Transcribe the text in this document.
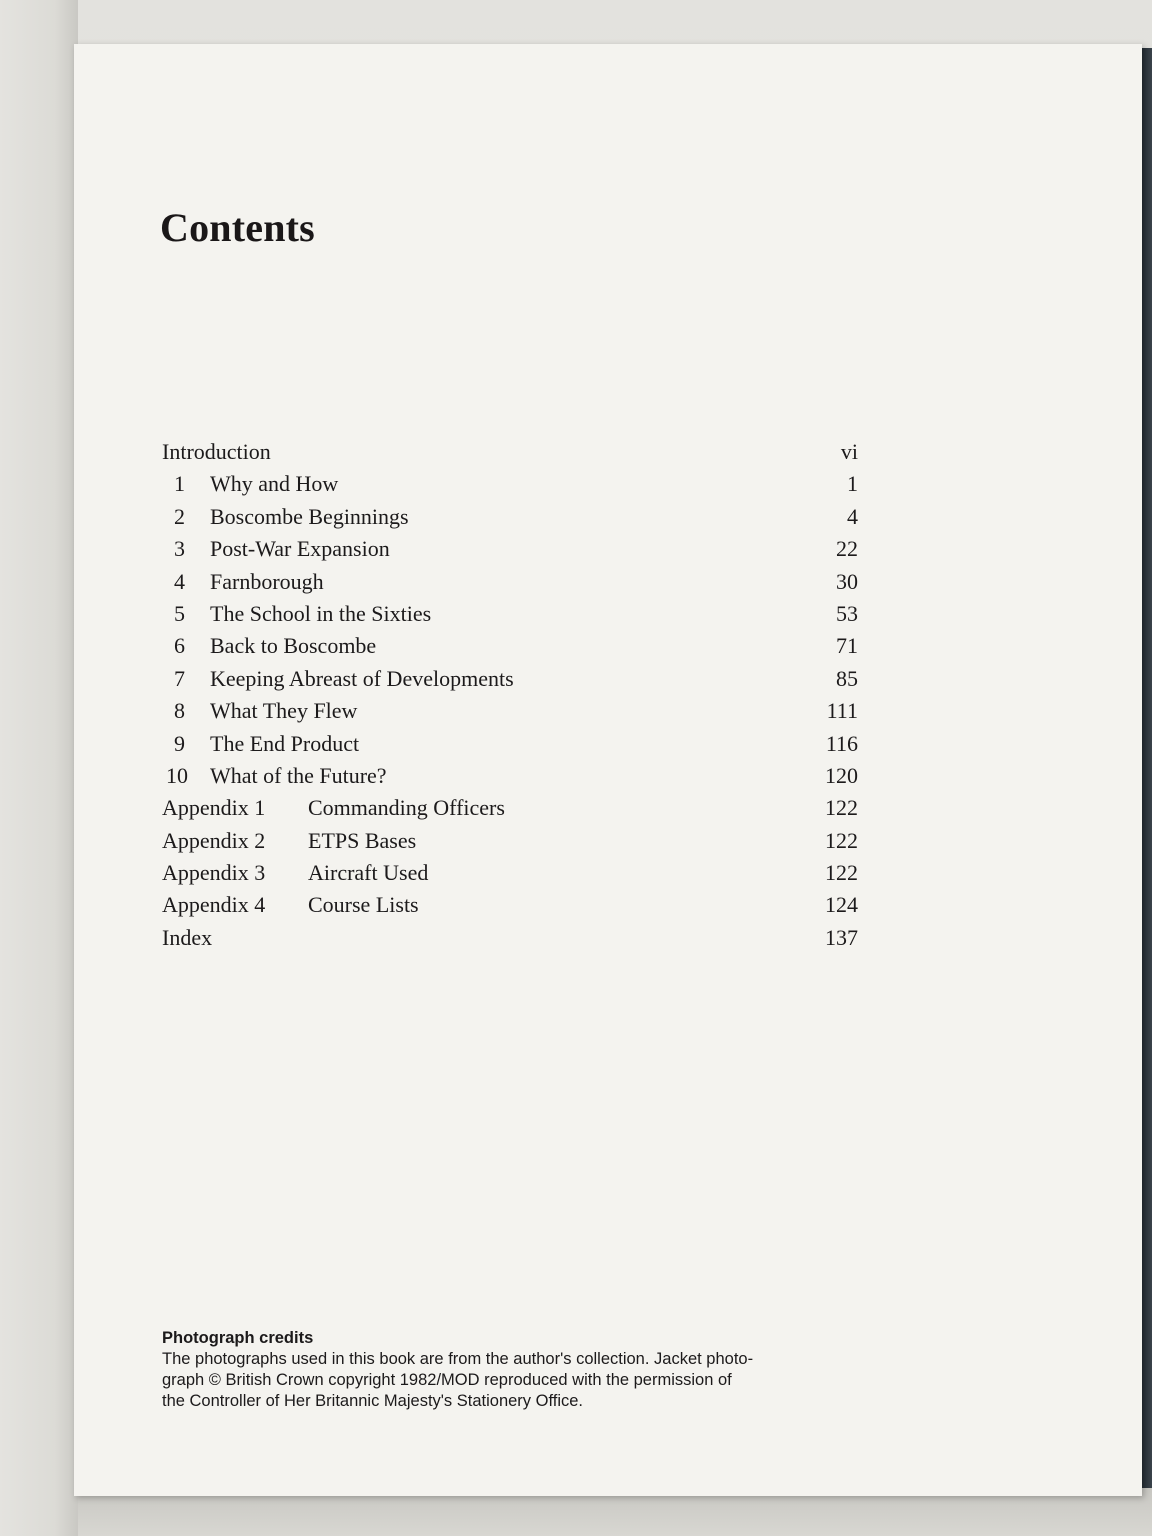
Contents
Introduction	vi
1	Why and How	1
2	Boscombe Beginnings	4
3	Post-War Expansion	22
4	Farnborough	30
5	The School in the Sixties	53
6	Back to Boscombe	71
7	Keeping Abreast of Developments	85
8	What They Flew	111
9	The End Product	116
10	What of the Future?	120
Appendix 1 Commanding Officers	122
Appendix 2 ETPS Bases	122
Appendix 3 Aircraft Used	122
Appendix 4 Course Lists	124
Index	137

Photograph credits

The photographs used in this book are from the author's collection. Jacket photo-
graph © British Crown copyright 1982/MOD reproduced with the permission of
the Controller of Her Britannic Majesty's Stationery Office.
